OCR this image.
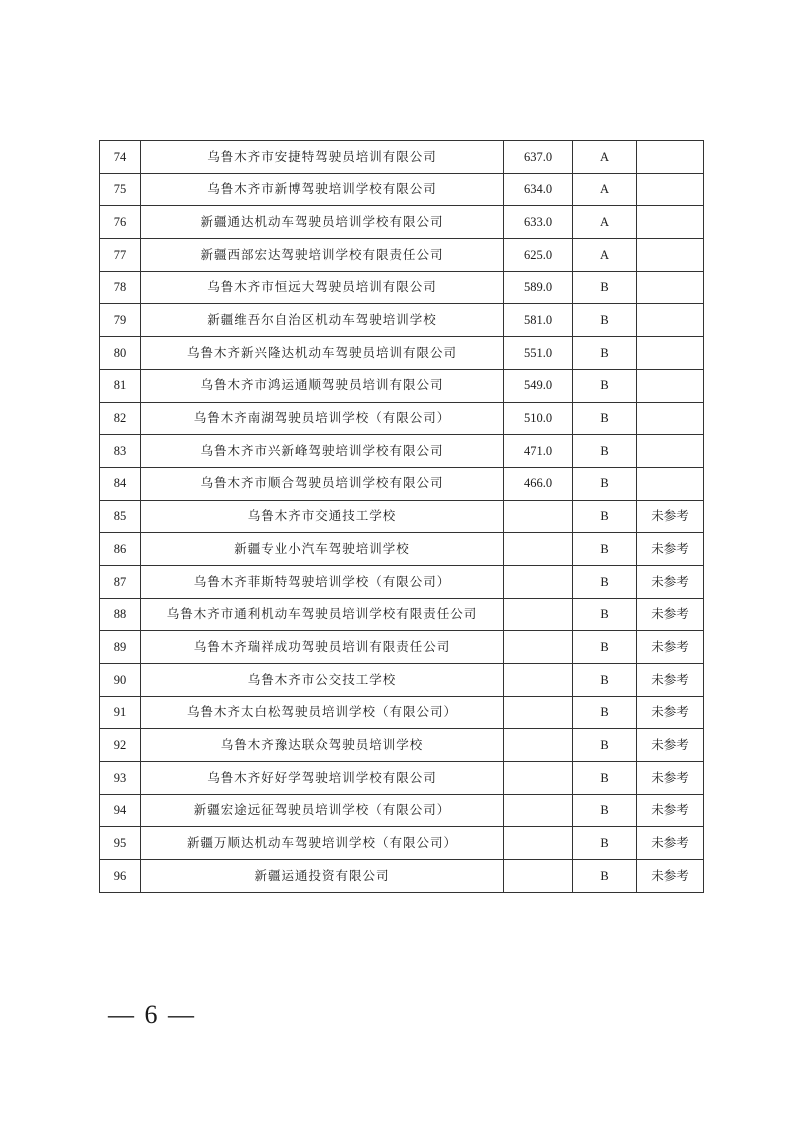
74	乌鲁木齐市安捷特驾驶员培训有限公司	637.0	A	
75	乌鲁木齐市新博驾驶培训学校有限公司	634.0	A	
76	新疆通达机动车驾驶员培训学校有限公司	633.0	A	
77	新疆西部宏达驾驶培训学校有限责任公司	625.0	A	
78	乌鲁木齐市恒远大驾驶员培训有限公司	589.0	B	
79	新疆维吾尔自治区机动车驾驶培训学校	581.0	B	
80	乌鲁木齐新兴隆达机动车驾驶员培训有限公司	551.0	B	
81	乌鲁木齐市鸿运通顺驾驶员培训有限公司	549.0	B	
82	乌鲁木齐南湖驾驶员培训学校（有限公司）	510.0	B	
83	乌鲁木齐市兴新峰驾驶培训学校有限公司	471.0	B	
84	乌鲁木齐市顺合驾驶员培训学校有限公司	466.0	B	
85	乌鲁木齐市交通技工学校		B	未参考
86	新疆专业小汽车驾驶培训学校		B	未参考
87	乌鲁木齐菲斯特驾驶培训学校（有限公司）		B	未参考
88	乌鲁木齐市通利机动车驾驶员培训学校有限责任公司		B	未参考
89	乌鲁木齐瑞祥成功驾驶员培训有限责任公司		B	未参考
90	乌鲁木齐市公交技工学校		B	未参考
91	乌鲁木齐太白松驾驶员培训学校（有限公司）		B	未参考
92	乌鲁木齐豫达联众驾驶员培训学校		B	未参考
93	乌鲁木齐好好学驾驶培训学校有限公司		B	未参考
94	新疆宏途远征驾驶员培训学校（有限公司）		B	未参考
95	新疆万顺达机动车驾驶培训学校（有限公司）		B	未参考
96	新疆运通投资有限公司		B	未参考
— 6 —
